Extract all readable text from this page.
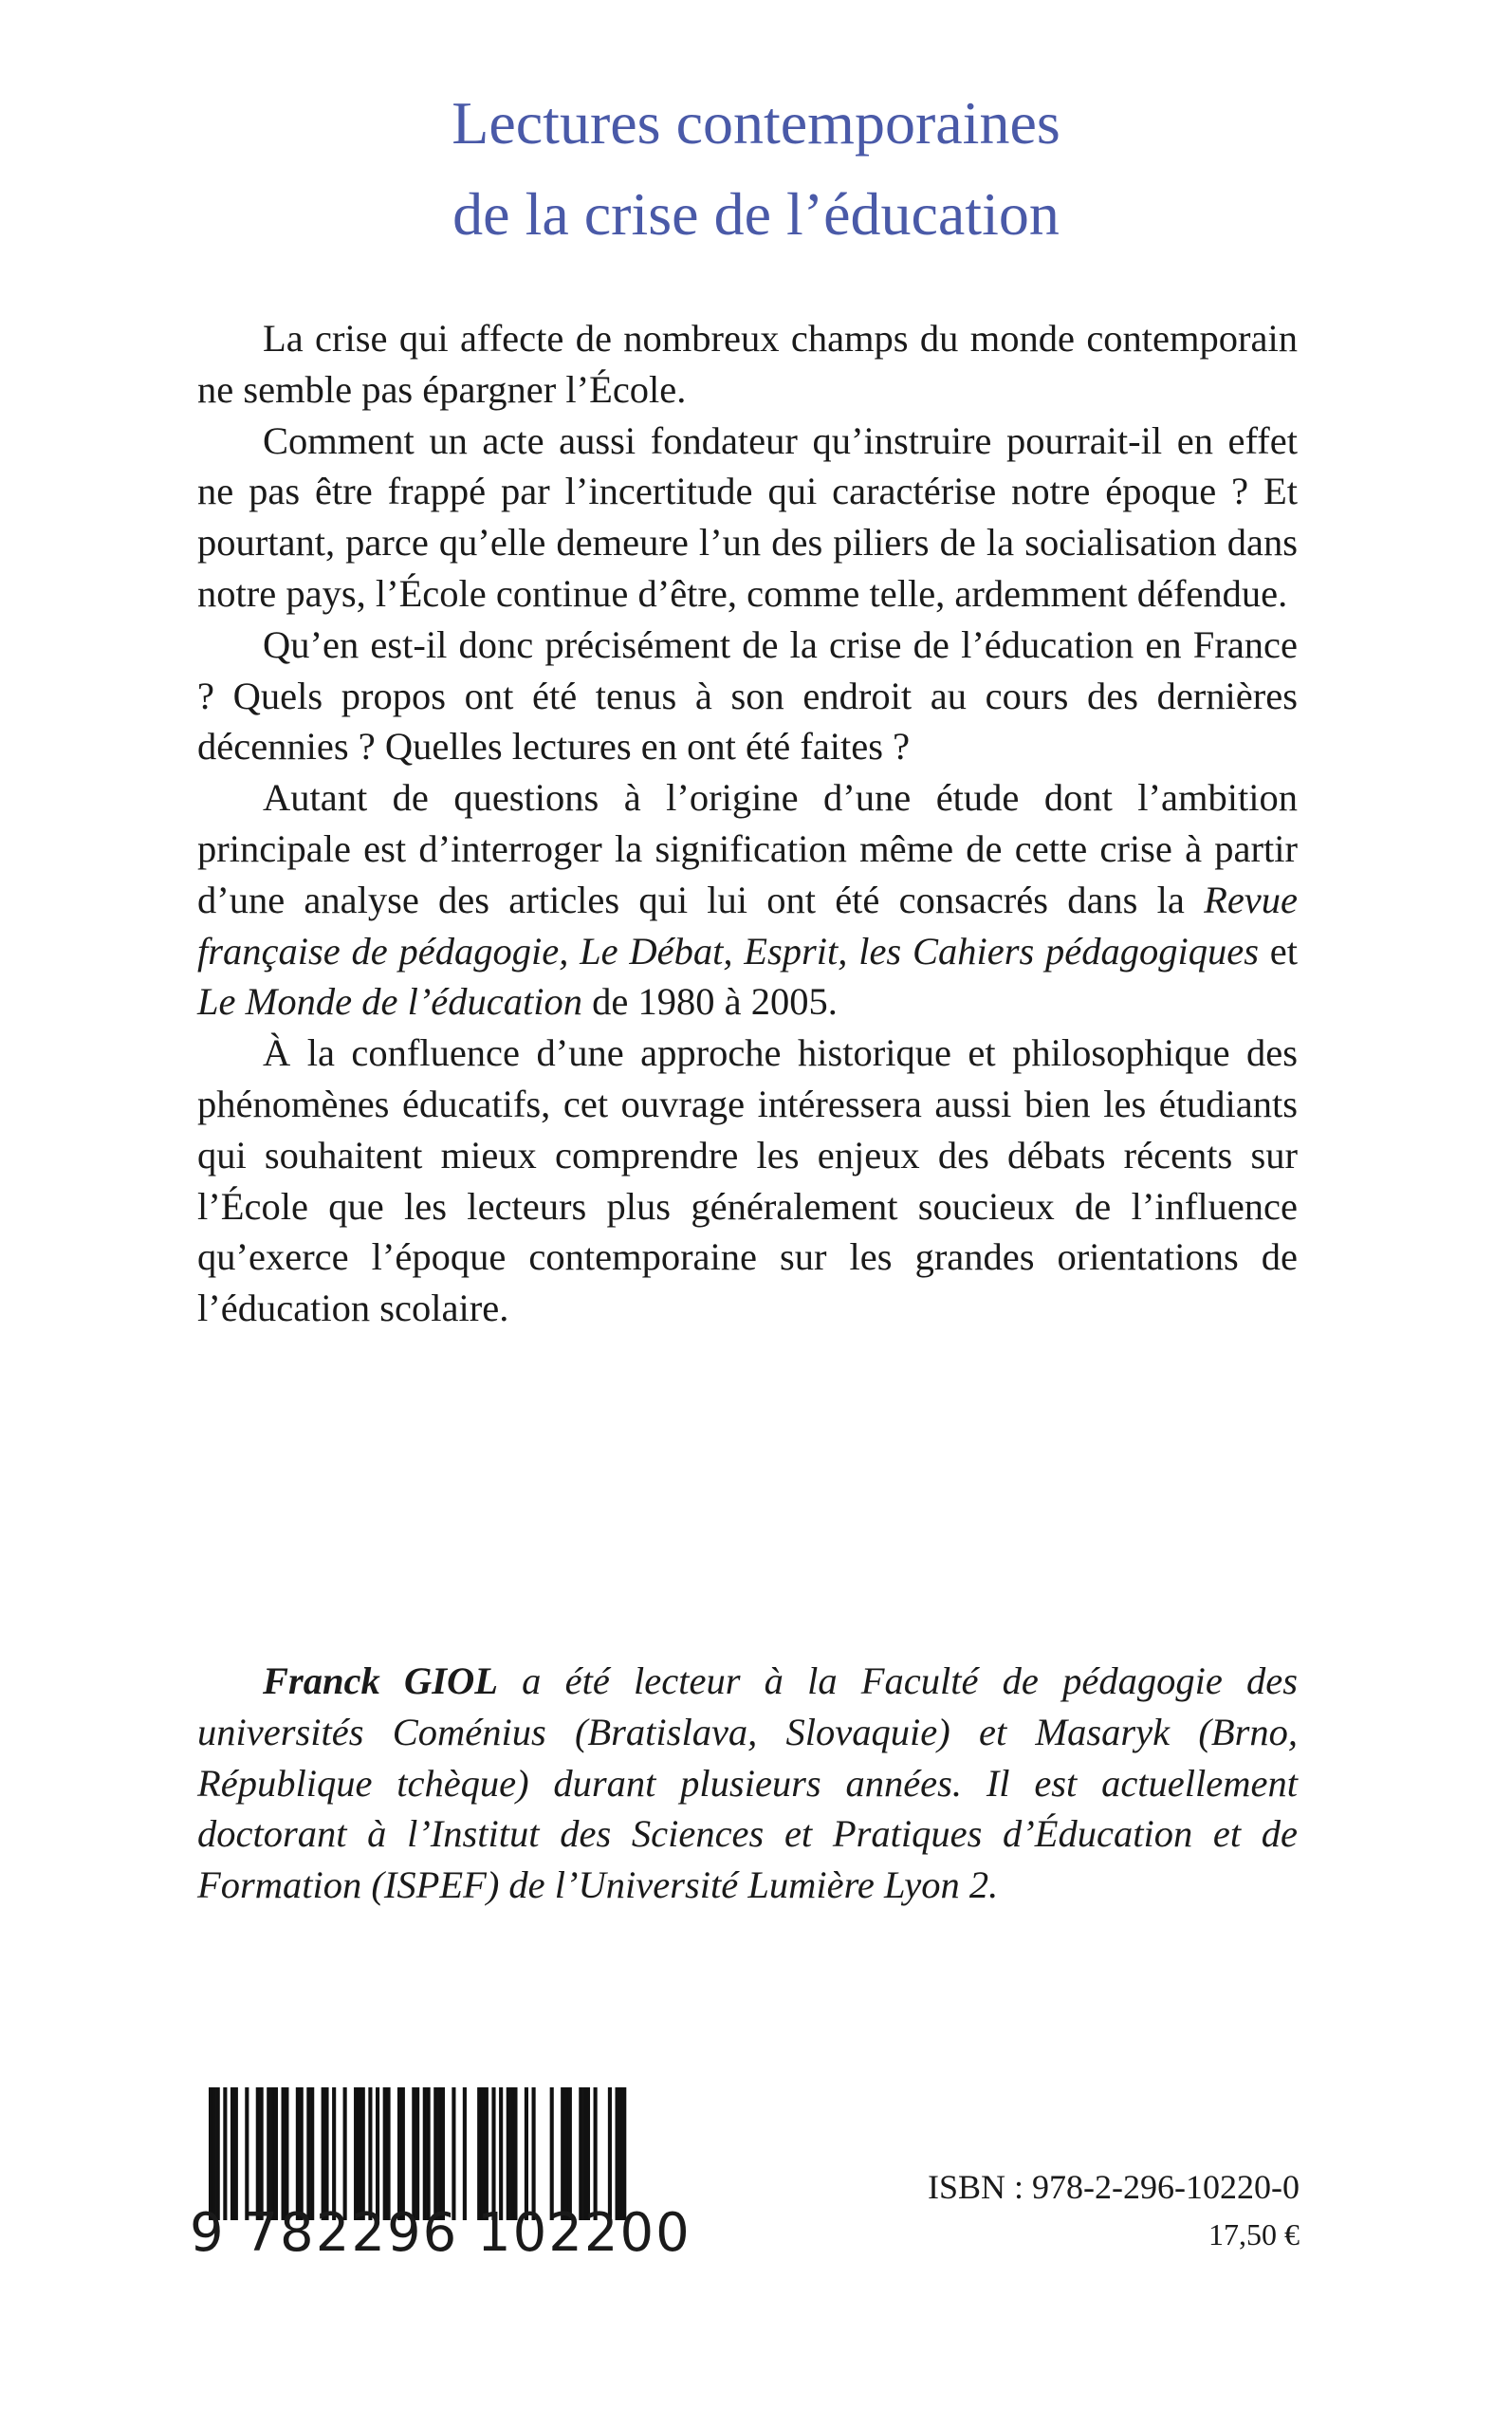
Lectures contemporaines
de la crise de l’éducation

La crise qui affecte de nombreux champs du monde contemporain ne semble pas épargner l’École.

Comment un acte aussi fondateur qu’instruire pourrait-il en effet ne pas être frappé par l’incertitude qui caractérise notre époque ? Et pourtant, parce qu’elle demeure l’un des piliers de la socialisation dans notre pays, l’École continue d’être, comme telle, ardemment défendue.

Qu’en est-il donc précisément de la crise de l’éducation en France ? Quels propos ont été tenus à son endroit au cours des dernières décennies ? Quelles lectures en ont été faites ?

Autant de questions à l’origine d’une étude dont l’ambition principale est d’interroger la signification même de cette crise à partir d’une analyse des articles qui lui ont été consacrés dans la Revue française de pédagogie, Le Débat, Esprit, les Cahiers pédagogiques et Le Monde de l’éducation de 1980 à 2005.

À la confluence d’une approche historique et philosophique des phénomènes éducatifs, cet ouvrage intéressera aussi bien les étudiants qui souhaitent mieux comprendre les enjeux des débats récents sur l’École que les lecteurs plus généralement soucieux de l’influence qu’exerce l’époque contemporaine sur les grandes orientations de l’éducation scolaire.

Franck GIOL a été lecteur à la Faculté de pédagogie des universités Coménius (Bratislava, Slovaquie) et Masaryk (Brno, République tchèque) durant plusieurs années. Il est actuellement doctorant à l’Institut des Sciences et Pratiques d’Éducation et de Formation (ISPEF) de l’Université Lumière Lyon 2.

9 782296 102200
ISBN : 978-2-296-10220-0
17,50 €
